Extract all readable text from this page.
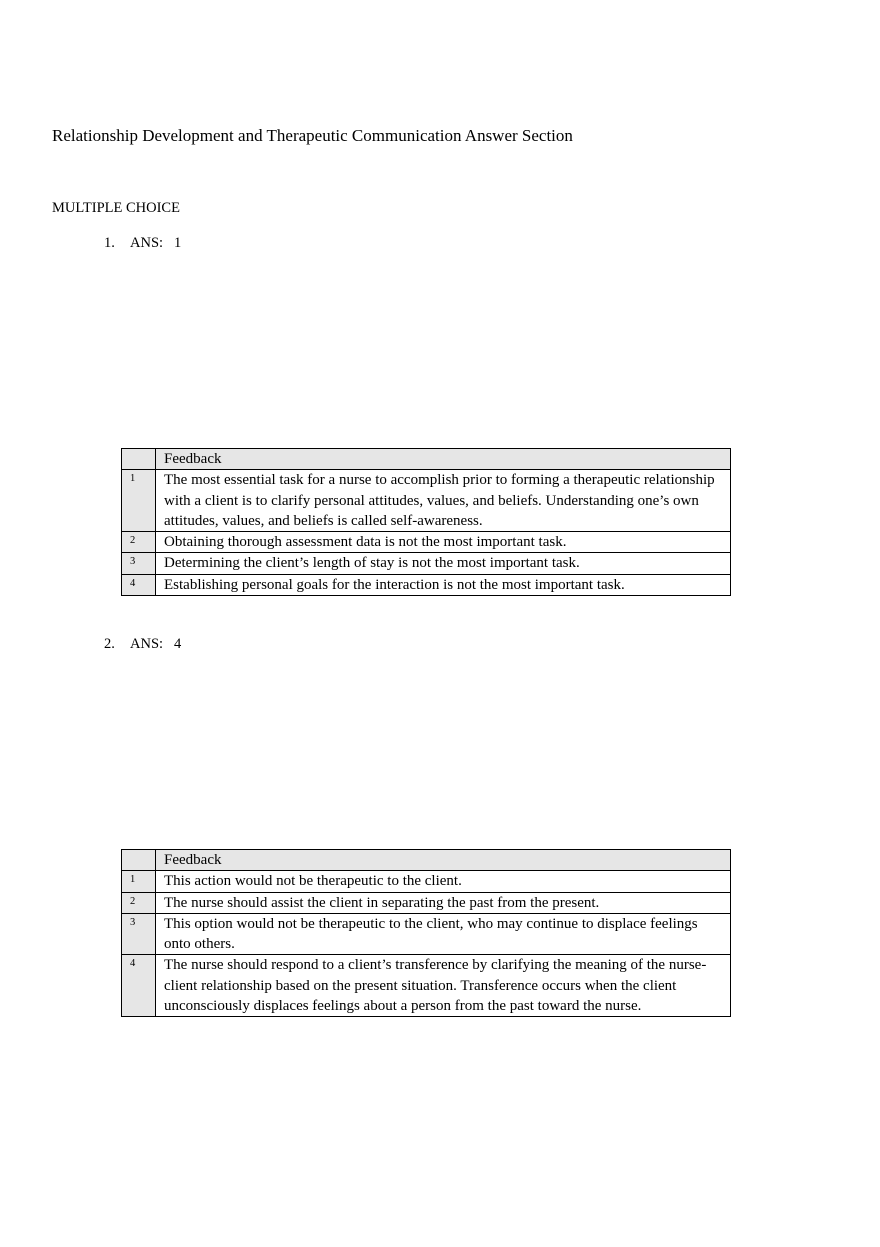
Relationship Development and Therapeutic Communication Answer Section

MULTIPLE CHOICE

1. ANS: 1

	Feedback
1	The most essential task for a nurse to accomplish prior to forming a therapeutic relationship with a client is to clarify personal attitudes, values, and beliefs. Understanding one’s own attitudes, values, and beliefs is called self-awareness.
2	Obtaining thorough assessment data is not the most important task.
3	Determining the client’s length of stay is not the most important task.
4	Establishing personal goals for the interaction is not the most important task.

2. ANS: 4

	Feedback
1	This action would not be therapeutic to the client.
2	The nurse should assist the client in separating the past from the present.
3	This option would not be therapeutic to the client, who may continue to displace feelings onto others.
4	The nurse should respond to a client’s transference by clarifying the meaning of the nurse-client relationship based on the present situation. Transference occurs when the client unconsciously displaces feelings about a person from the past toward the nurse.
